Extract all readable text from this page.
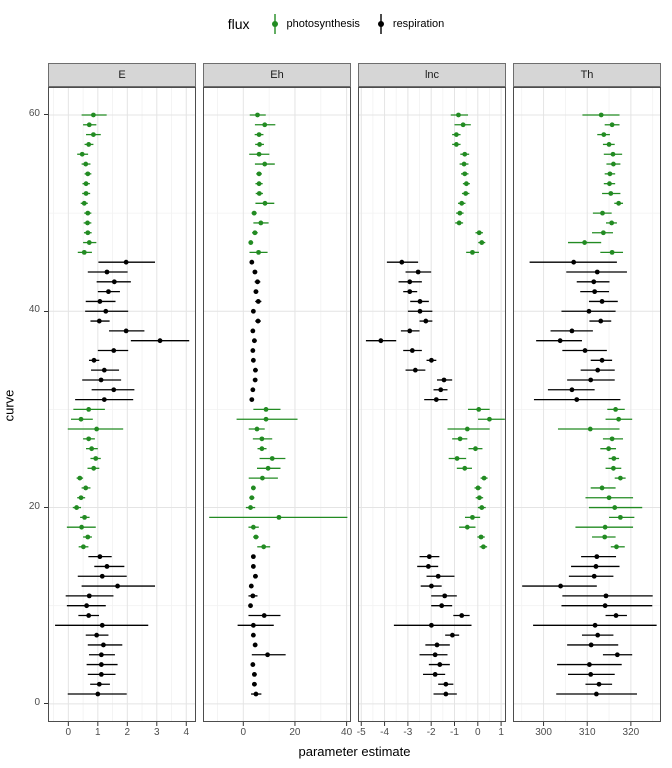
flux	photosynthesis	respiration
E	Eh	lnc	Th
parameter estimate
curve
0	1	2	3	4	0	20	40 -5	-4	-3	-2	-1	0	1	300	310	320
0
20
40
60
